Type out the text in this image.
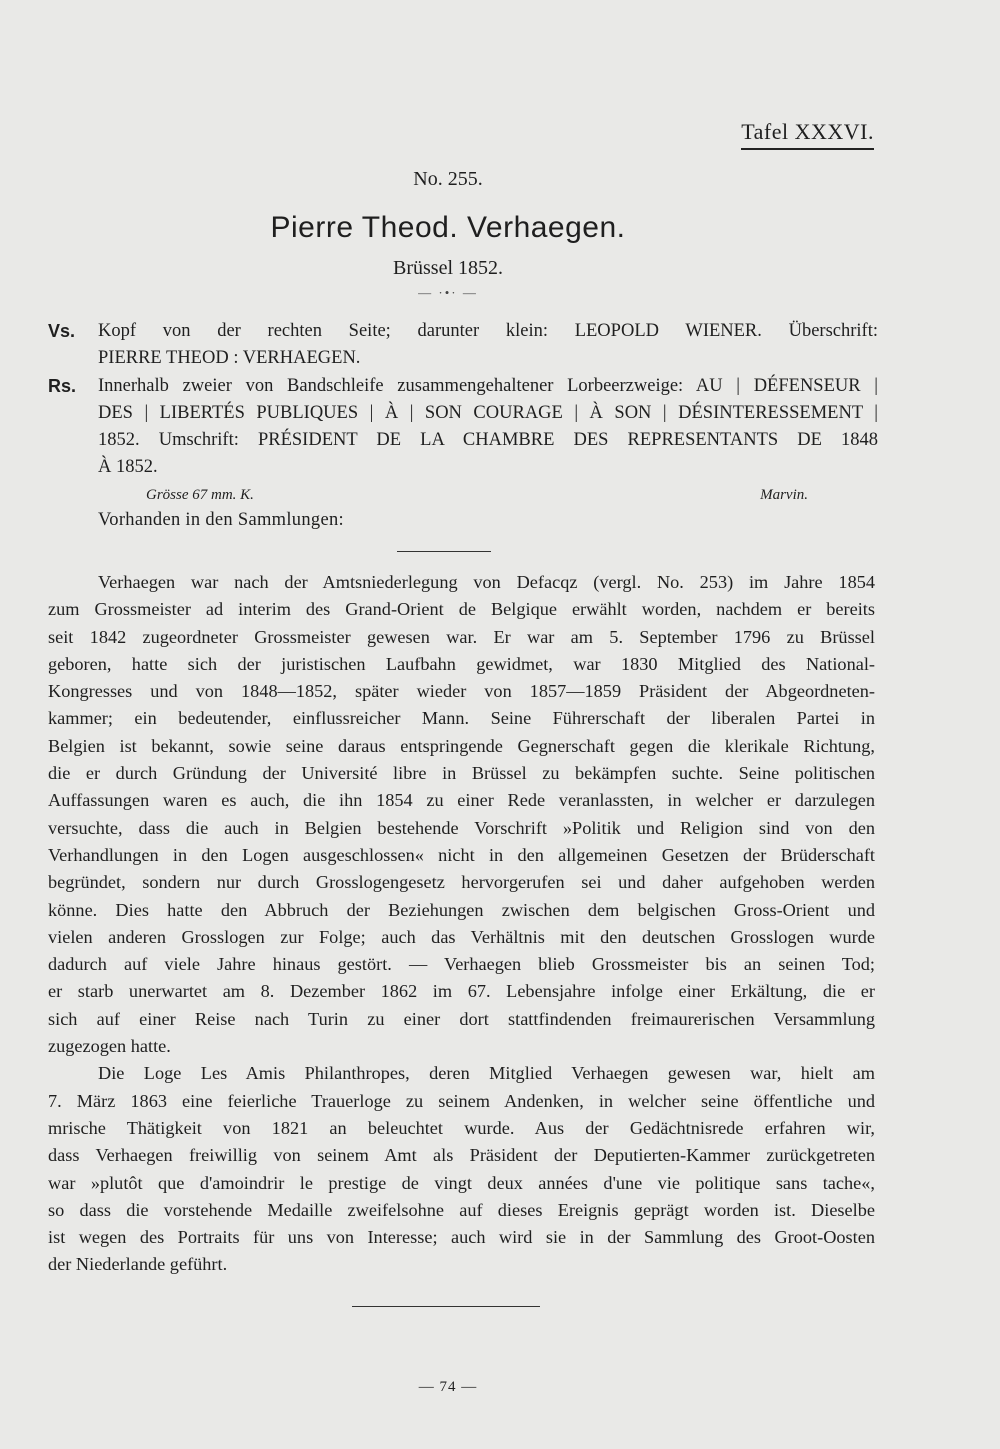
Tafel XXXVI.
No. 255.
Pierre Theod. Verhaegen.
Brüssel 1852.
— ·•· —
Vs. Kopf von der rechten Seite; darunter klein: LEOPOLD WIENER. Überschrift:
PIERRE THEOD : VERHAEGEN.
Rs. Innerhalb zweier von Bandschleife zusammengehaltener Lorbeerzweige: AU | DÉFENSEUR |
DES | LIBERTÉS PUBLIQUES | À | SON COURAGE | À SON | DÉSINTERESSEMENT |
1852. Umschrift: PRÉSIDENT DE LA CHAMBRE DES REPRESENTANTS DE 1848
À 1852.
Grösse 67 mm. K.	Marvin.
Vorhanden in den Sammlungen:

Verhaegen war nach der Amtsniederlegung von Defacqz (vergl. No. 253) im Jahre 1854
zum Grossmeister ad interim des Grand-Orient de Belgique erwählt worden, nachdem er bereits
seit 1842 zugeordneter Grossmeister gewesen war. Er war am 5. September 1796 zu Brüssel
geboren, hatte sich der juristischen Laufbahn gewidmet, war 1830 Mitglied des National-
Kongresses und von 1848—1852, später wieder von 1857—1859 Präsident der Abgeordneten-
kammer; ein bedeutender, einflussreicher Mann. Seine Führerschaft der liberalen Partei in
Belgien ist bekannt, sowie seine daraus entspringende Gegnerschaft gegen die klerikale Richtung,
die er durch Gründung der Université libre in Brüssel zu bekämpfen suchte. Seine politischen
Auffassungen waren es auch, die ihn 1854 zu einer Rede veranlassten, in welcher er darzulegen
versuchte, dass die auch in Belgien bestehende Vorschrift »Politik und Religion sind von den
Verhandlungen in den Logen ausgeschlossen« nicht in den allgemeinen Gesetzen der Brüderschaft
begründet, sondern nur durch Grosslogengesetz hervorgerufen sei und daher aufgehoben werden
könne. Dies hatte den Abbruch der Beziehungen zwischen dem belgischen Gross-Orient und
vielen anderen Grosslogen zur Folge; auch das Verhältnis mit den deutschen Grosslogen wurde
dadurch auf viele Jahre hinaus gestört. — Verhaegen blieb Grossmeister bis an seinen Tod;
er starb unerwartet am 8. Dezember 1862 im 67. Lebensjahre infolge einer Erkältung, die er
sich auf einer Reise nach Turin zu einer dort stattfindenden freimaurerischen Versammlung
zugezogen hatte.

Die Loge Les Amis Philanthropes, deren Mitglied Verhaegen gewesen war, hielt am
7. März 1863 eine feierliche Trauerloge zu seinem Andenken, in welcher seine öffentliche und
mrische Thätigkeit von 1821 an beleuchtet wurde. Aus der Gedächtnisrede erfahren wir,
dass Verhaegen freiwillig von seinem Amt als Präsident der Deputierten-Kammer zurückgetreten
war »plutôt que d'amoindrir le prestige de vingt deux années d'une vie politique sans tache«,
so dass die vorstehende Medaille zweifelsohne auf dieses Ereignis geprägt worden ist. Dieselbe
ist wegen des Portraits für uns von Interesse; auch wird sie in der Sammlung des Groot-Oosten
der Niederlande geführt.

— 74 —
